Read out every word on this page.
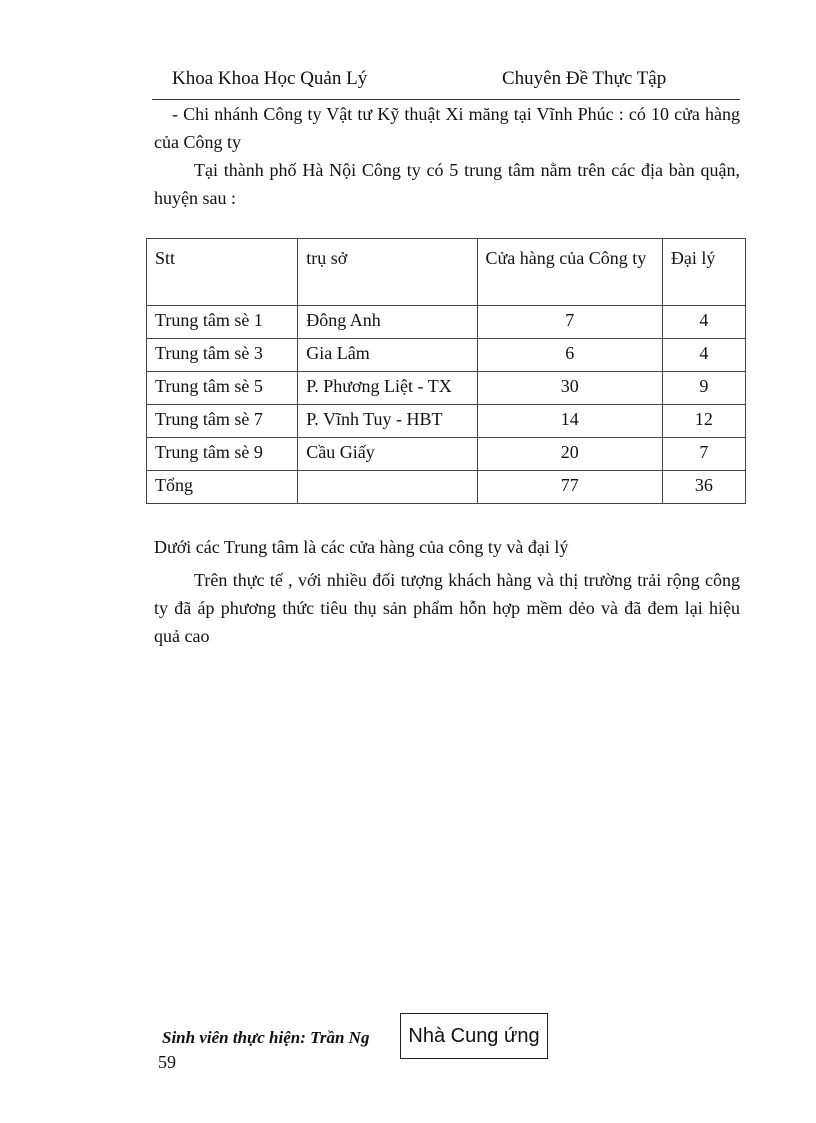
Khoa Khoa Học Quản Lý	Chuyên Đề Thực Tập
- Chi nhánh Công ty Vật tư Kỹ thuật Xi măng tại Vĩnh Phúc : có 10 cửa hàng của Công ty
Tại thành phố Hà Nội Công ty có 5 trung tâm nằm trên các địa bàn quận, huyện sau :
Stt	trụ sở	Cửa hàng của Công ty	Đại lý
Trung tâm sè 1	Đông Anh	7	4
Trung tâm sè 3	Gia Lâm	6	4
Trung tâm sè 5	P. Phương Liệt - TX	30	9
Trung tâm sè 7	P. Vĩnh Tuy - HBT	14	12
Trung tâm sè 9	Cầu Giấy	20	7
Tổng		77	36
Dưới các Trung tâm là các cửa hàng của công ty và đại lý
Trên thực tế , với nhiều đối tượng khách hàng và thị trường trải rộng công ty đã áp phương thức tiêu thụ sản phẩm hỗn hợp mềm dẻo và đã đem lại hiệu quả cao
Sinh viên thực hiện: Trần Ng
59
Nhà Cung ứng
